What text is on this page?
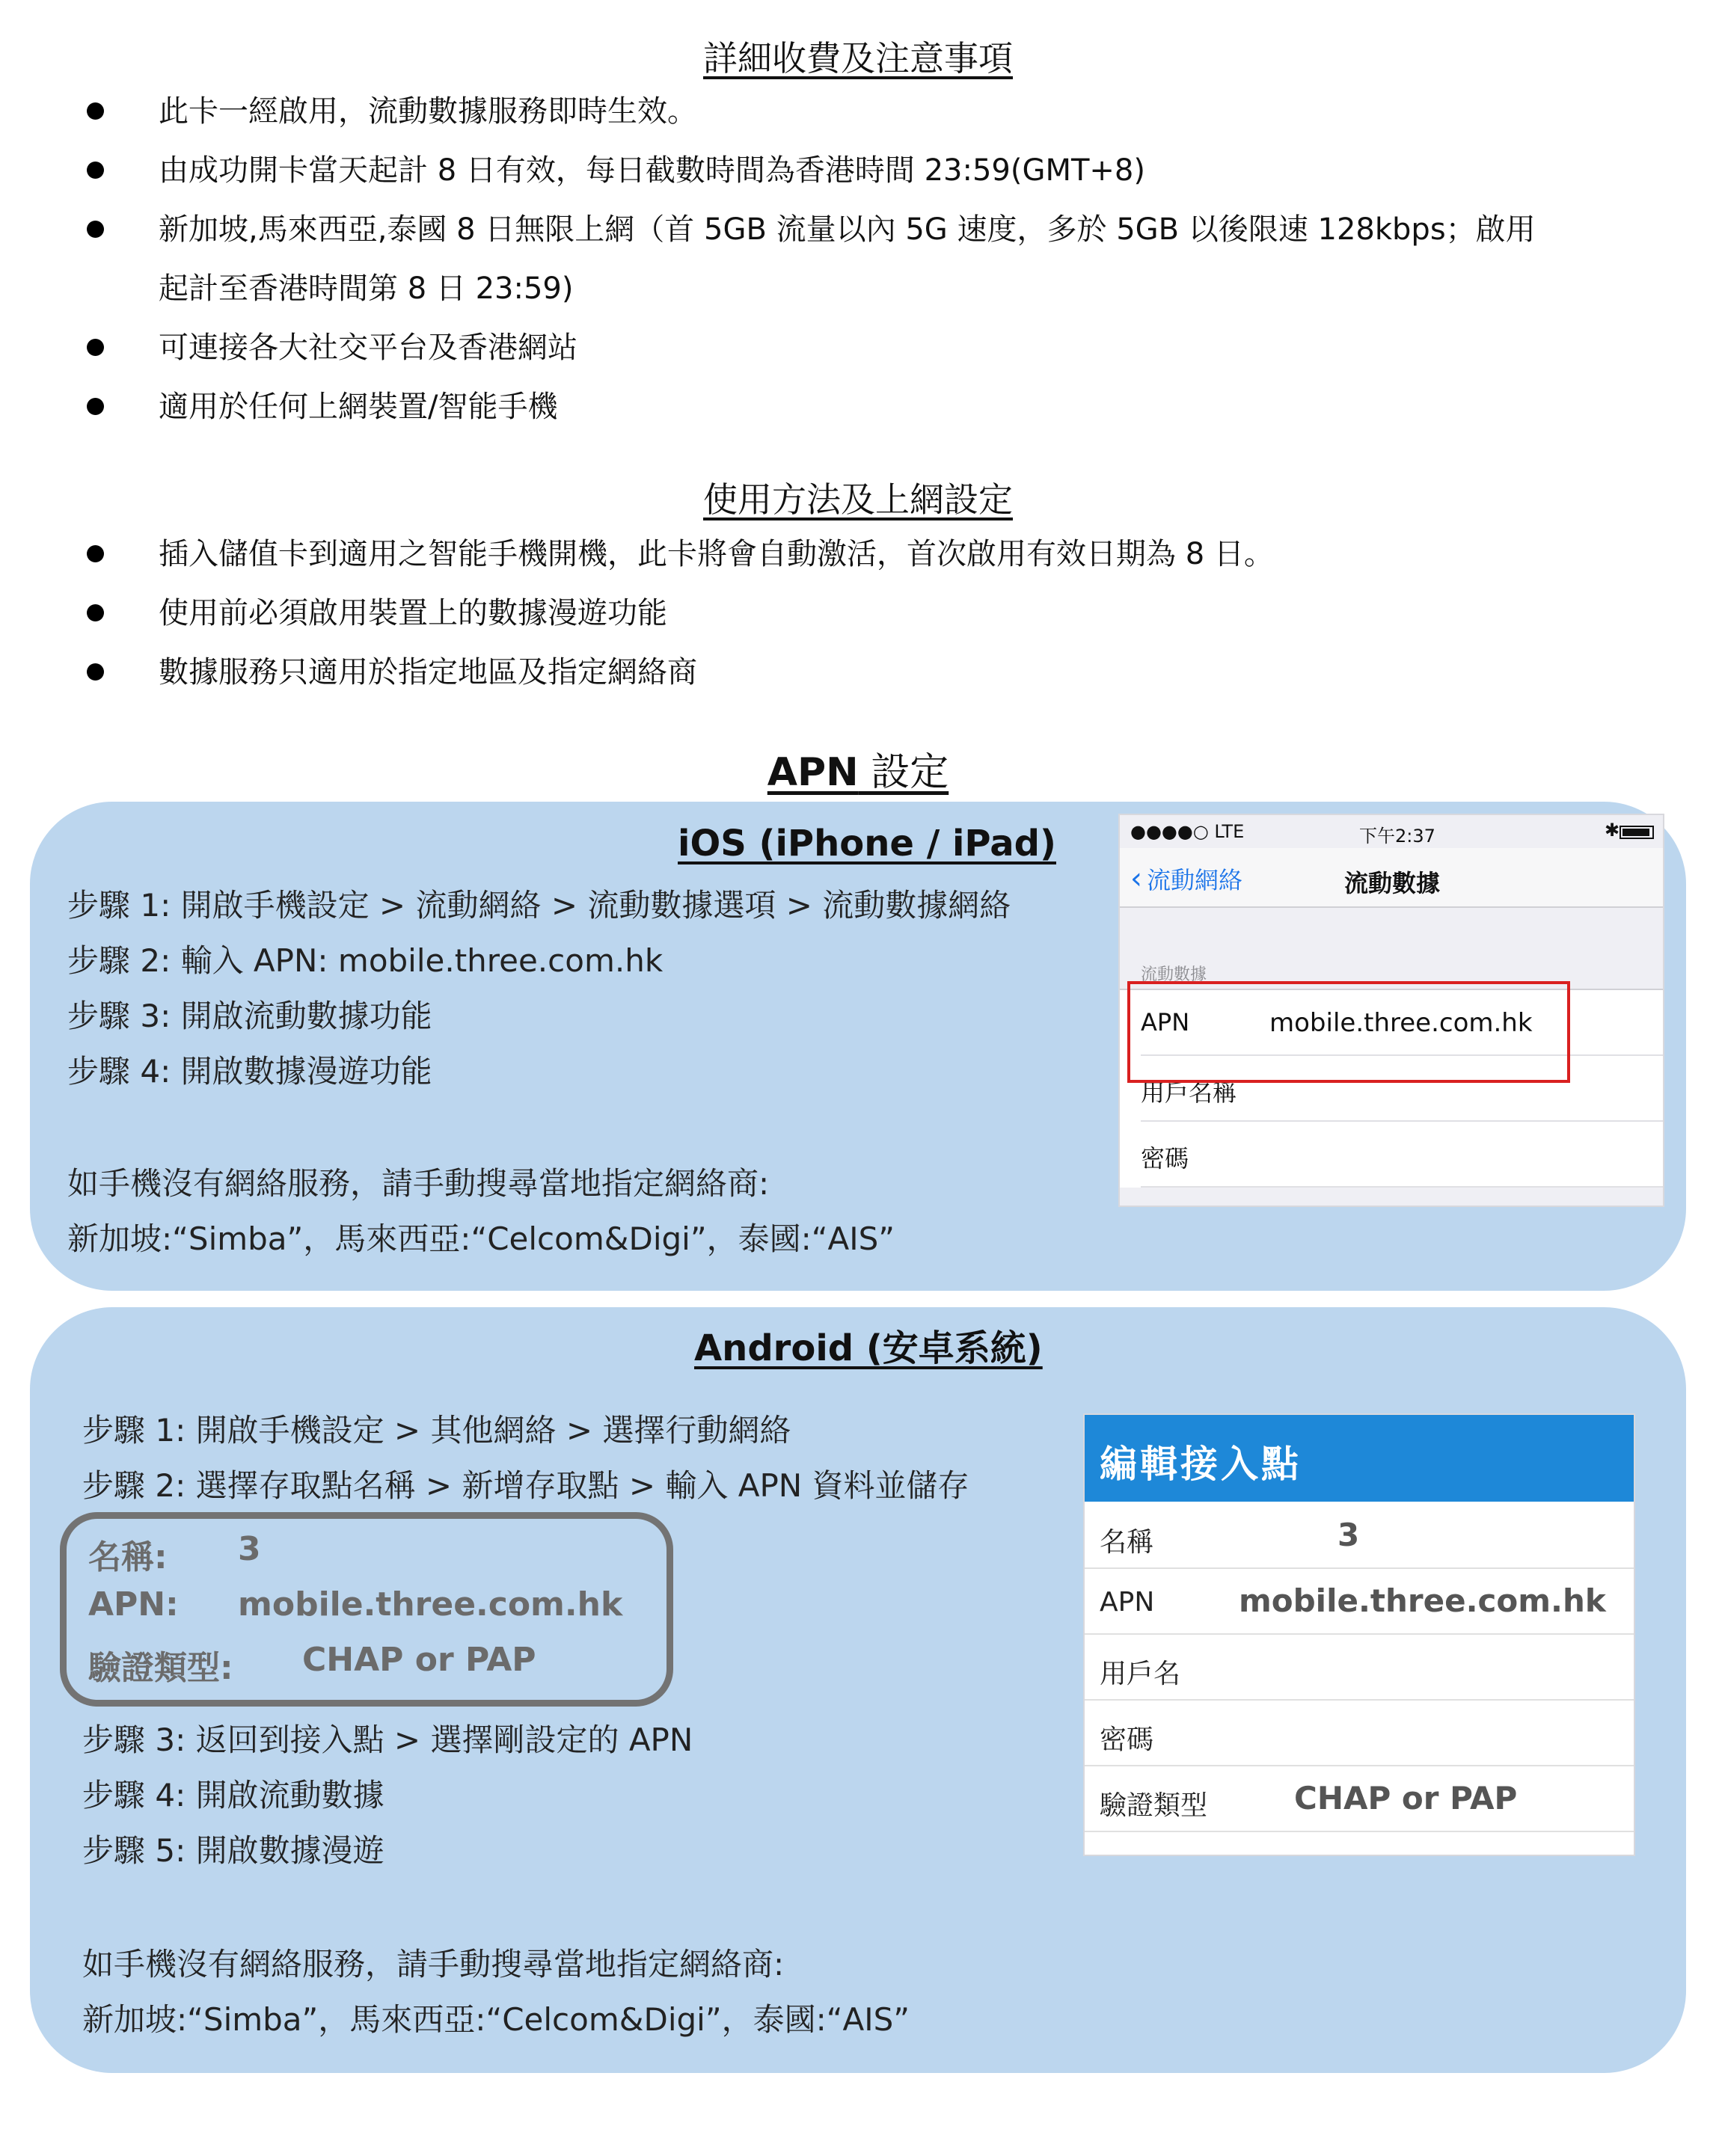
詳細收費及注意事項
此卡一經啟用，流動數據服務即時生效。
由成功開卡當天起計 8 日有效，每日截數時間為香港時間 23:59(GMT+8)
新加坡,馬來西亞,泰國 8 日無限上網（首 5GB 流量以內 5G 速度，多於 5GB 以後限速 128kbps；啟用
起計至香港時間第 8 日 23:59)
可連接各大社交平台及香港網站
適用於任何上網裝置/智能手機
使用方法及上網設定
插入儲值卡到適用之智能手機開機，此卡將會自動激活，首次啟用有效日期為 8 日。
使用前必須啟用裝置上的數據漫遊功能
數據服務只適用於指定地區及指定網絡商
APN 設定
iOS (iPhone / iPad)
步驟 1: 開啟手機設定 > 流動網絡 > 流動數據選項 > 流動數據網絡
步驟 2: 輸入 APN: mobile.three.com.hk
步驟 3: 開啟流動數據功能
步驟 4: 開啟數據漫遊功能
如手機沒有網絡服務，請手動搜尋當地指定網絡商:
新加坡:“Simba”，馬來西亞:“Celcom&Digi”，泰國:“AIS”
●●●●○ LTE	下午2:37	✱
‹ 流動網絡	流動數據
流動數據
APN	mobile.three.com.hk
用戶名稱
密碼
Android (安卓系統)
步驟 1: 開啟手機設定 > 其他網絡 > 選擇行動網絡
步驟 2: 選擇存取點名稱 > 新增存取點 > 輸入 APN 資料並儲存
名稱: 3
APN: mobile.three.com.hk
驗證類型: CHAP or PAP
步驟 3: 返回到接入點 > 選擇剛設定的 APN
步驟 4: 開啟流動數據
步驟 5: 開啟數據漫遊
如手機沒有網絡服務，請手動搜尋當地指定網絡商:
新加坡:“Simba”，馬來西亞:“Celcom&Digi”，泰國:“AIS”
編輯接入點
名稱	3
APN	mobile.three.com.hk
用戶名
密碼
驗證類型	CHAP or PAP
